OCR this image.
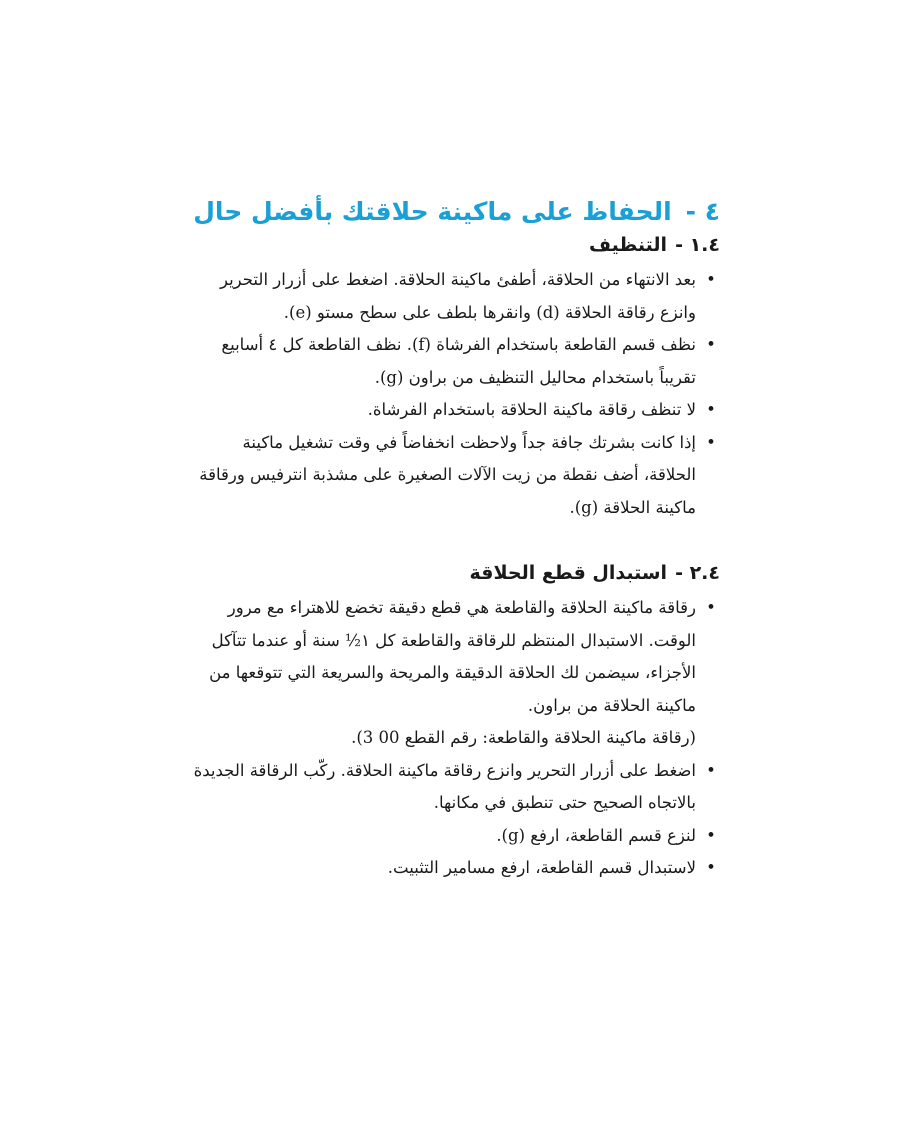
٤ -الحفاظ على ماكينة حلاقتك بأفضل حال
١.٤ -التنظيف
•
بعد الانتهاء من الحلاقة، أطفئ ماكينة الحلاقة. اضغط على أزرار التحرير وانزع رقاقة الحلاقة (d) وانقرها بلطف على سطح مستو (e).
•
نظف قسم القاطعة باستخدام الفرشاة (f). نظف القاطعة كل ٤ أسابيع تقريباً باستخدام محاليل التنظيف من براون (g).
•
لا تنظف رقاقة ماكينة الحلاقة باستخدام الفرشاة.
•
إذا كانت بشرتك جافة جداً ولاحظت انخفاضاً في وقت تشغيل ماكينة الحلاقة، أضف نقطة من زيت الآلات الصغيرة على مشذبة انترفيس ورقاقة ماكينة الحلاقة (g).
٢.٤ -استبدال قطع الحلاقة
•
رقاقة ماكينة الحلاقة والقاطعة هي قطع دقيقة تخضع للاهتراء مع مرور الوقت. الاستبدال المنتظم للرقاقة والقاطعة كل ١½ سنة أو عندما تتآكل الأجزاء، سيضمن لك الحلاقة الدقيقة والمريحة والسريعة التي تتوقعها من ماكينة الحلاقة من براون.
(رقاقة ماكينة الحلاقة والقاطعة: رقم القطع 00 3).
•
اضغط على أزرار التحرير وانزع رقاقة ماكينة الحلاقة. ركّب الرقاقة الجديدة بالاتجاه الصحيح حتى تنطبق في مكانها.
•
لنزع قسم القاطعة، ارفع (g).
•
لاستبدال قسم القاطعة، ارفع مسامير التثبيت.
